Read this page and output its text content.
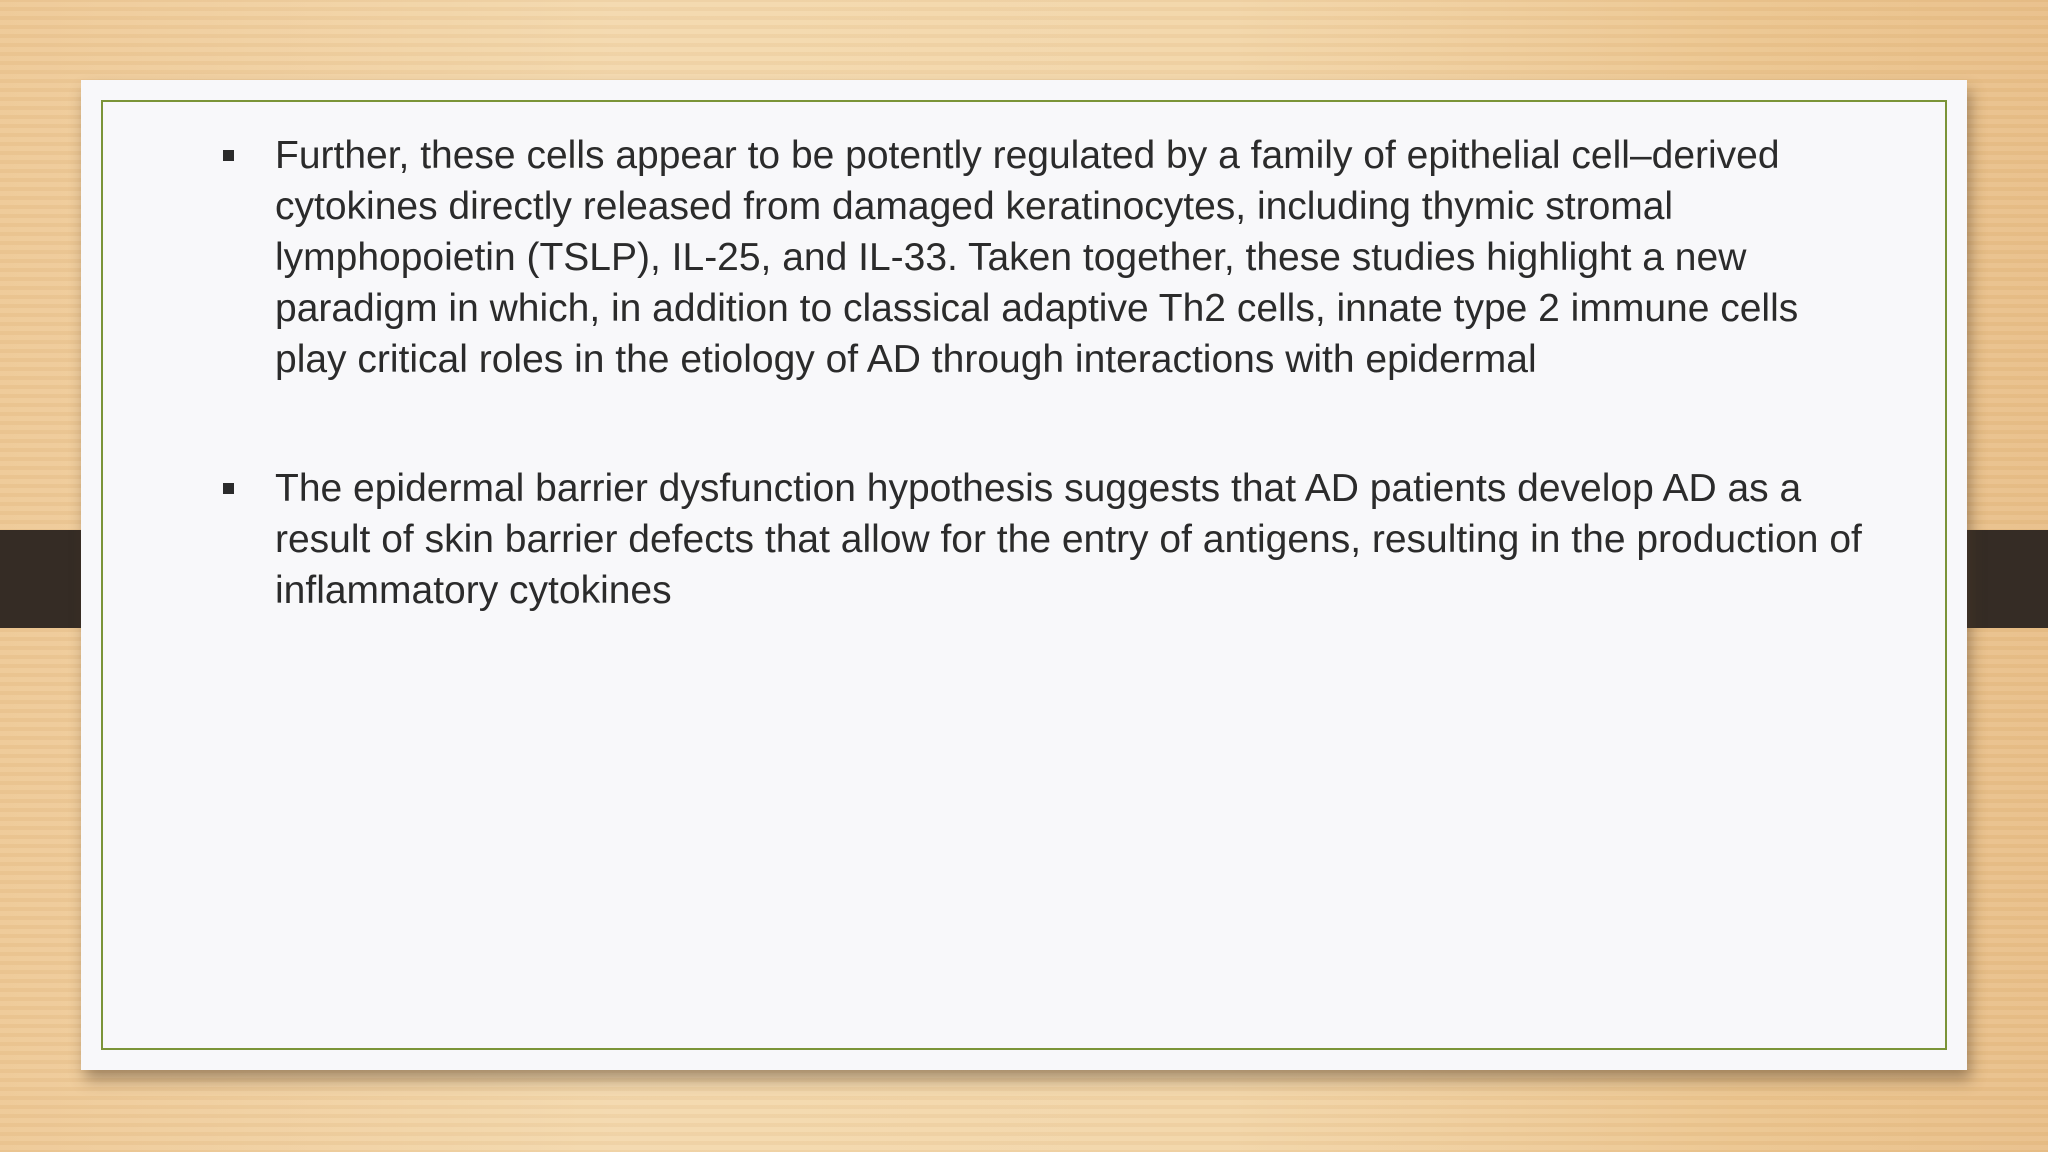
Further, these cells appear to be potently regulated by a family of epithelial cell–derived cytokines directly released from damaged keratinocytes, including thymic stromal lymphopoietin (TSLP), IL-25, and IL-33. Taken together, these studies highlight a new paradigm in which, in addition to classical adaptive Th2 cells, innate type 2 immune cells play critical roles in the etiology of AD through interactions with epidermal
The epidermal barrier dysfunction hypothesis suggests that AD patients develop AD as a result of skin barrier defects that allow for the entry of antigens, resulting in the production of inflammatory cytokines
